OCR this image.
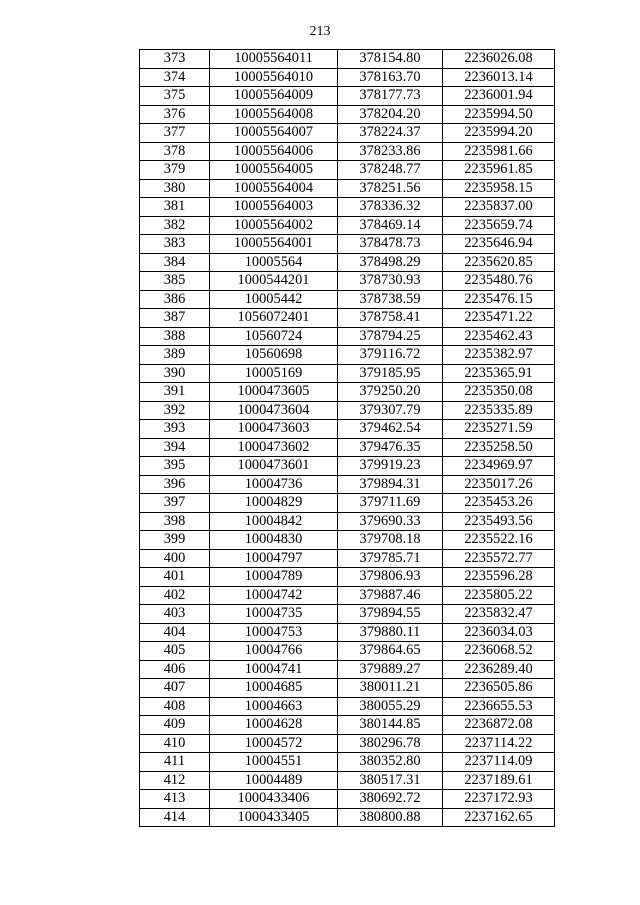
213
373	10005564011	378154.80	2236026.08
374	10005564010	378163.70	2236013.14
375	10005564009	378177.73	2236001.94
376	10005564008	378204.20	2235994.50
377	10005564007	378224.37	2235994.20
378	10005564006	378233.86	2235981.66
379	10005564005	378248.77	2235961.85
380	10005564004	378251.56	2235958.15
381	10005564003	378336.32	2235837.00
382	10005564002	378469.14	2235659.74
383	10005564001	378478.73	2235646.94
384	10005564	378498.29	2235620.85
385	1000544201	378730.93	2235480.76
386	10005442	378738.59	2235476.15
387	1056072401	378758.41	2235471.22
388	10560724	378794.25	2235462.43
389	10560698	379116.72	2235382.97
390	10005169	379185.95	2235365.91
391	1000473605	379250.20	2235350.08
392	1000473604	379307.79	2235335.89
393	1000473603	379462.54	2235271.59
394	1000473602	379476.35	2235258.50
395	1000473601	379919.23	2234969.97
396	10004736	379894.31	2235017.26
397	10004829	379711.69	2235453.26
398	10004842	379690.33	2235493.56
399	10004830	379708.18	2235522.16
400	10004797	379785.71	2235572.77
401	10004789	379806.93	2235596.28
402	10004742	379887.46	2235805.22
403	10004735	379894.55	2235832.47
404	10004753	379880.11	2236034.03
405	10004766	379864.65	2236068.52
406	10004741	379889.27	2236289.40
407	10004685	380011.21	2236505.86
408	10004663	380055.29	2236655.53
409	10004628	380144.85	2236872.08
410	10004572	380296.78	2237114.22
411	10004551	380352.80	2237114.09
412	10004489	380517.31	2237189.61
413	1000433406	380692.72	2237172.93
414	1000433405	380800.88	2237162.65
